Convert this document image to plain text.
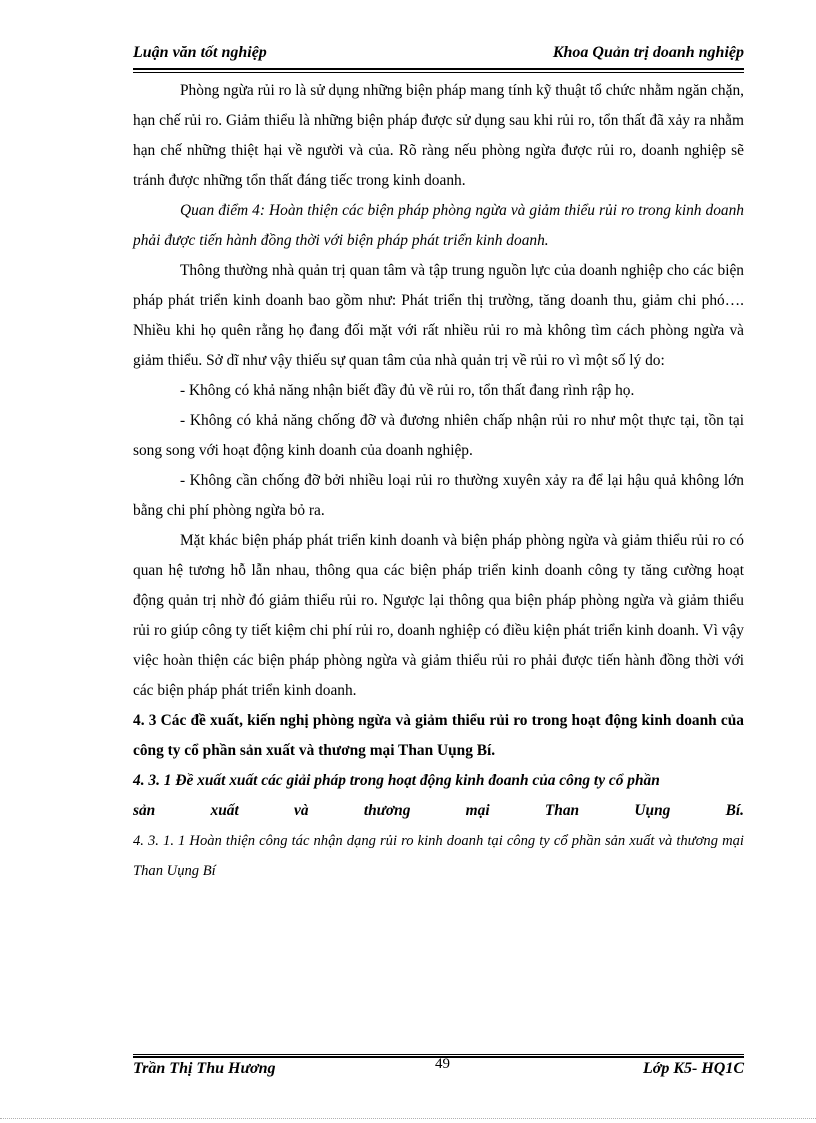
Luận văn tốt nghiệp	Khoa Quản trị doanh nghiệp

Phòng ngừa rủi ro là sử dụng những biện pháp mang tính kỹ thuật tổ chức nhằm ngăn chặn, hạn chế rủi ro. Giảm thiểu là những biện pháp được sử dụng sau khi rủi ro, tổn thất đã xảy ra nhằm hạn chế những thiệt hại về người và của. Rõ ràng nếu phòng ngừa được rủi ro, doanh nghiệp sẽ tránh được những tổn thất đáng tiếc trong kinh doanh.

Quan điểm 4: Hoàn thiện các biện pháp phòng ngừa và giảm thiểu rủi ro trong kinh doanh phải được tiến hành đồng thời với biện pháp phát triển kinh doanh.

Thông thường nhà quản trị quan tâm và tập trung nguồn lực của doanh nghiệp cho các biện pháp phát triển kinh doanh bao gồm như: Phát triển thị trường, tăng doanh thu, giảm chi phó…. Nhiều khi họ quên rằng họ đang đối mặt với rất nhiều rủi ro mà không tìm cách phòng ngừa và giảm thiểu. Sở dĩ như vậy thiếu sự quan tâm của nhà quản trị về rủi ro vì một số lý do:

- Không có khả năng nhận biết đầy đủ về rủi ro, tổn thất đang rình rập họ.

- Không có khả năng chống đỡ và đương nhiên chấp nhận rủi ro như một thực tại, tồn tại song song với hoạt động kinh doanh của doanh nghiệp.

- Không cần chống đỡ bởi nhiều loại rủi ro thường xuyên xảy ra để lại hậu quả không lớn bằng chi phí phòng ngừa bỏ ra.

Mặt khác biện pháp phát triển kinh doanh và biện pháp phòng ngừa và giảm thiểu rủi ro có quan hệ tương hỗ lẫn nhau, thông qua các biện pháp triển kinh doanh công ty tăng cường hoạt động quản trị nhờ đó giảm thiểu rủi ro. Ngược lại thông qua biện pháp phòng ngừa và giảm thiểu rủi ro giúp công ty tiết kiệm chi phí rủi ro, doanh nghiệp có điều kiện phát triển kinh doanh. Vì vậy việc hoàn thiện các biện pháp phòng ngừa và giảm thiểu rủi ro phải được tiến hành đồng thời với các biện pháp phát triển kinh doanh.

4. 3 Các đề xuất, kiến nghị phòng ngừa và giảm thiểu rủi ro trong hoạt động kinh doanh của công ty cổ phần sản xuất và thương mại Than Uụng Bí.

4. 3. 1 Đề xuất xuất các giải pháp trong hoạt động kinh đoanh của công ty cổ phần

sản xuất và thương mại Than Uụng Bí.

4. 3. 1. 1 Hoàn thiện công tác nhận dạng rủi ro kinh doanh tại công ty cổ phần sản xuất và thương mại Than Uụng Bí

Trần Thị Thu Hương	49	Lớp K5- HQ1C
